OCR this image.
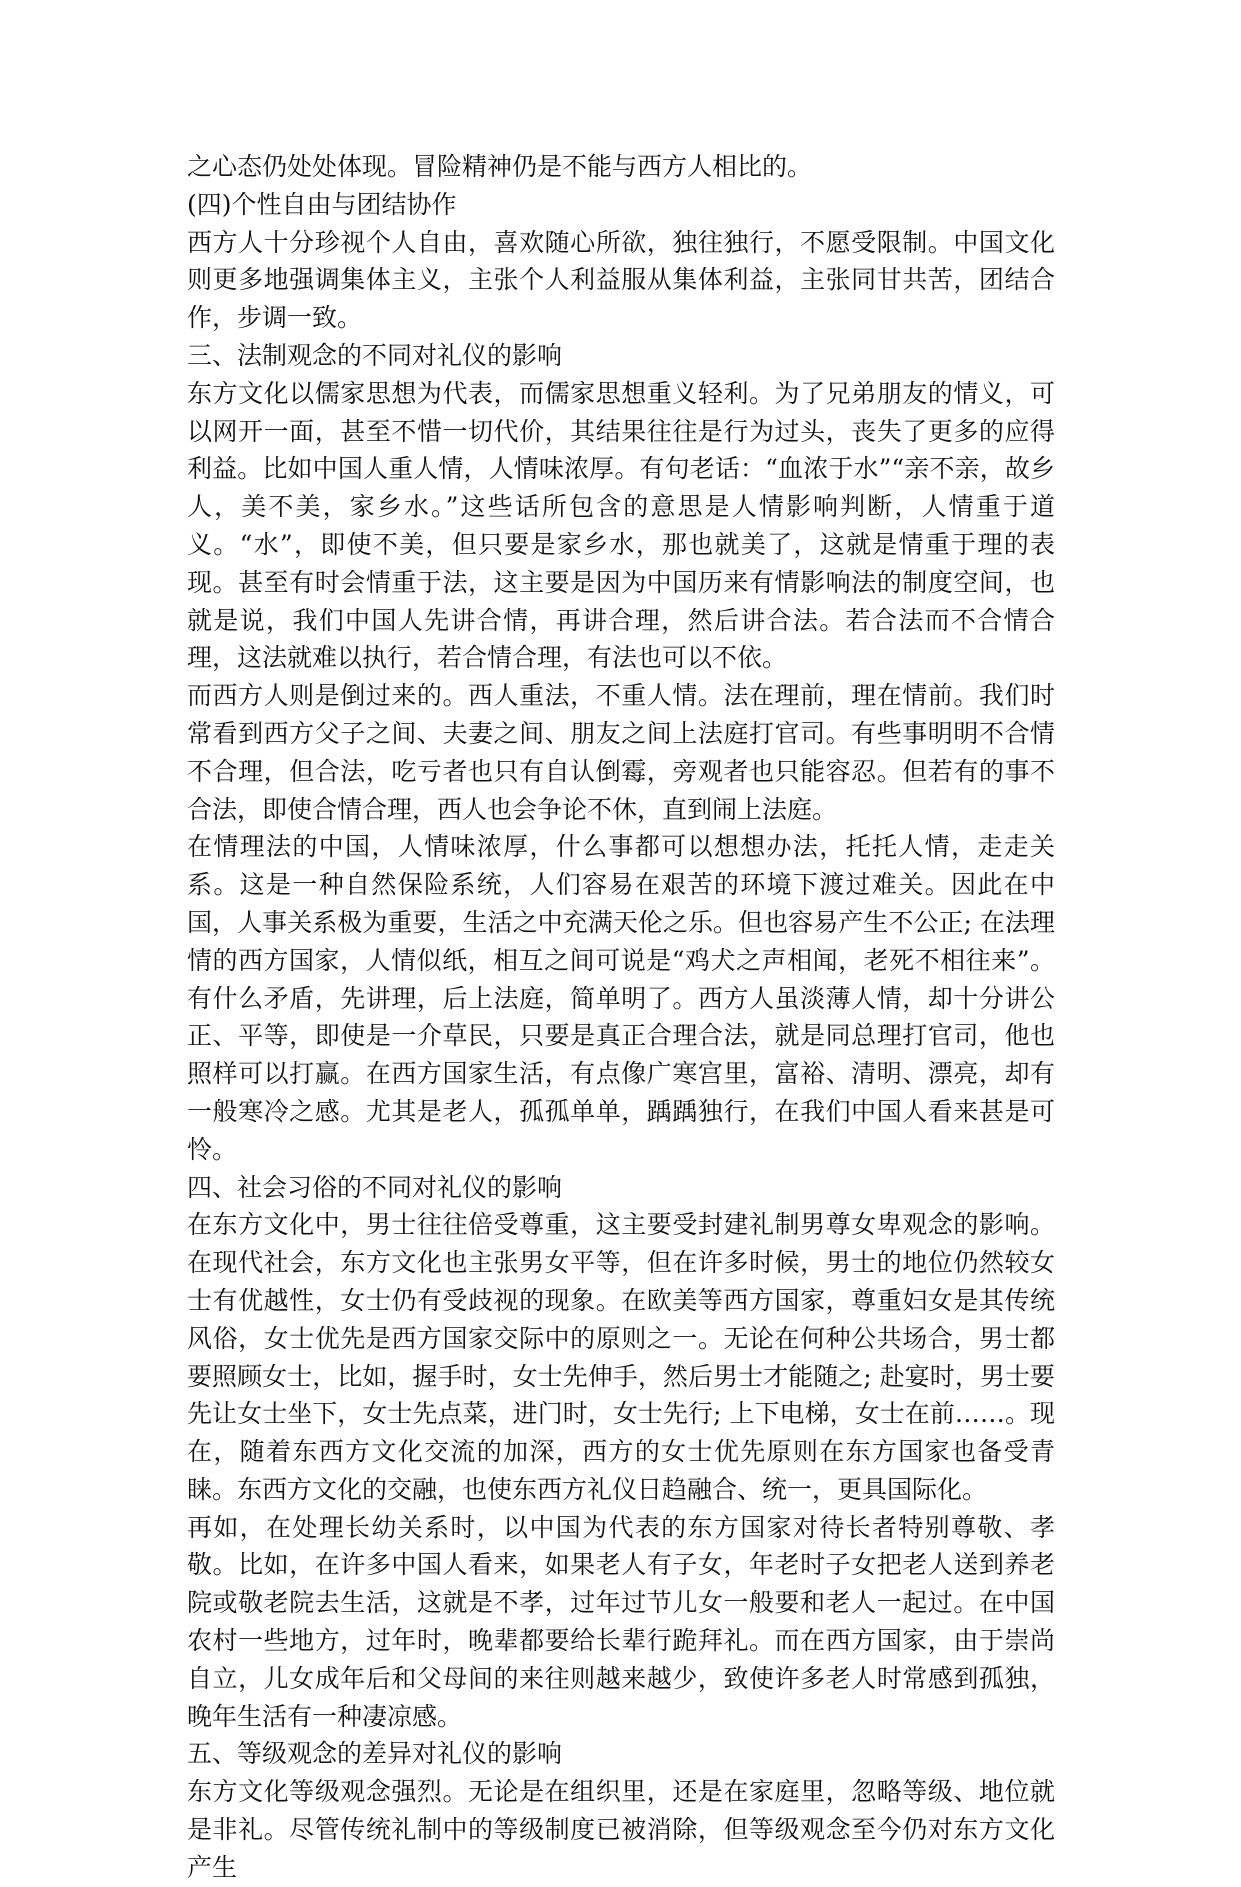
之心态仍处处体现。冒险精神仍是不能与西方人相比的。

(四)个性自由与团结协作

西方人十分珍视个人自由，喜欢随心所欲，独往独行，不愿受限制。中国文化则更多地强调集体主义，主张个人利益服从集体利益，主张同甘共苦，团结合作，步调一致。

三、法制观念的不同对礼仪的影响

东方文化以儒家思想为代表，而儒家思想重义轻利。为了兄弟朋友的情义，可以网开一面，甚至不惜一切代价，其结果往往是行为过头，丧失了更多的应得利益。比如中国人重人情，人情味浓厚。有句老话：“血浓于水”“亲不亲，故乡人，美不美，家乡水。”这些话所包含的意思是人情影响判断，人情重于道义。“水”，即使不美，但只要是家乡水，那也就美了，这就是情重于理的表现。甚至有时会情重于法，这主要是因为中国历来有情影响法的制度空间，也就是说，我们中国人先讲合情，再讲合理，然后讲合法。若合法而不合情合理，这法就难以执行，若合情合理，有法也可以不依。

而西方人则是倒过来的。西人重法，不重人情。法在理前，理在情前。我们时常看到西方父子之间、夫妻之间、朋友之间上法庭打官司。有些事明明不合情不合理，但合法，吃亏者也只有自认倒霉，旁观者也只能容忍。但若有的事不合法，即使合情合理，西人也会争论不休，直到闹上法庭。

在情理法的中国，人情味浓厚，什么事都可以想想办法，托托人情，走走关系。这是一种自然保险系统，人们容易在艰苦的环境下渡过难关。因此在中国，人事关系极为重要，生活之中充满天伦之乐。但也容易产生不公正; 在法理情的西方国家，人情似纸，相互之间可说是“鸡犬之声相闻，老死不相往来”。有什么矛盾，先讲理，后上法庭，简单明了。西方人虽淡薄人情，却十分讲公正、平等，即使是一介草民，只要是真正合理合法，就是同总理打官司，他也照样可以打赢。在西方国家生活，有点像广寒宫里，富裕、清明、漂亮，却有一般寒冷之感。尤其是老人，孤孤单单，踽踽独行，在我们中国人看来甚是可怜。

四、社会习俗的不同对礼仪的影响

在东方文化中，男士往往倍受尊重，这主要受封建礼制男尊女卑观念的影响。在现代社会，东方文化也主张男女平等，但在许多时候，男士的地位仍然较女士有优越性，女士仍有受歧视的现象。在欧美等西方国家，尊重妇女是其传统风俗，女士优先是西方国家交际中的原则之一。无论在何种公共场合，男士都要照顾女士，比如，握手时，女士先伸手，然后男士才能随之; 赴宴时，男士要先让女士坐下，女士先点菜，进门时，女士先行; 上下电梯，女士在前……。现在，随着东西方文化交流的加深，西方的女士优先原则在东方国家也备受青睐。东西方文化的交融，也使东西方礼仪日趋融合、统一，更具国际化。

再如，在处理长幼关系时，以中国为代表的东方国家对待长者特别尊敬、孝敬。比如，在许多中国人看来，如果老人有子女，年老时子女把老人送到养老院或敬老院去生活，这就是不孝，过年过节儿女一般要和老人一起过。在中国农村一些地方，过年时，晚辈都要给长辈行跪拜礼。而在西方国家，由于崇尚自立，儿女成年后和父母间的来往则越来越少，致使许多老人时常感到孤独，晚年生活有一种凄凉感。

五、等级观念的差异对礼仪的影响

东方文化等级观念强烈。无论是在组织里，还是在家庭里，忽略等级、地位就是非礼。尽管传统礼制中的等级制度已被消除，但等级观念至今仍对东方文化产生
